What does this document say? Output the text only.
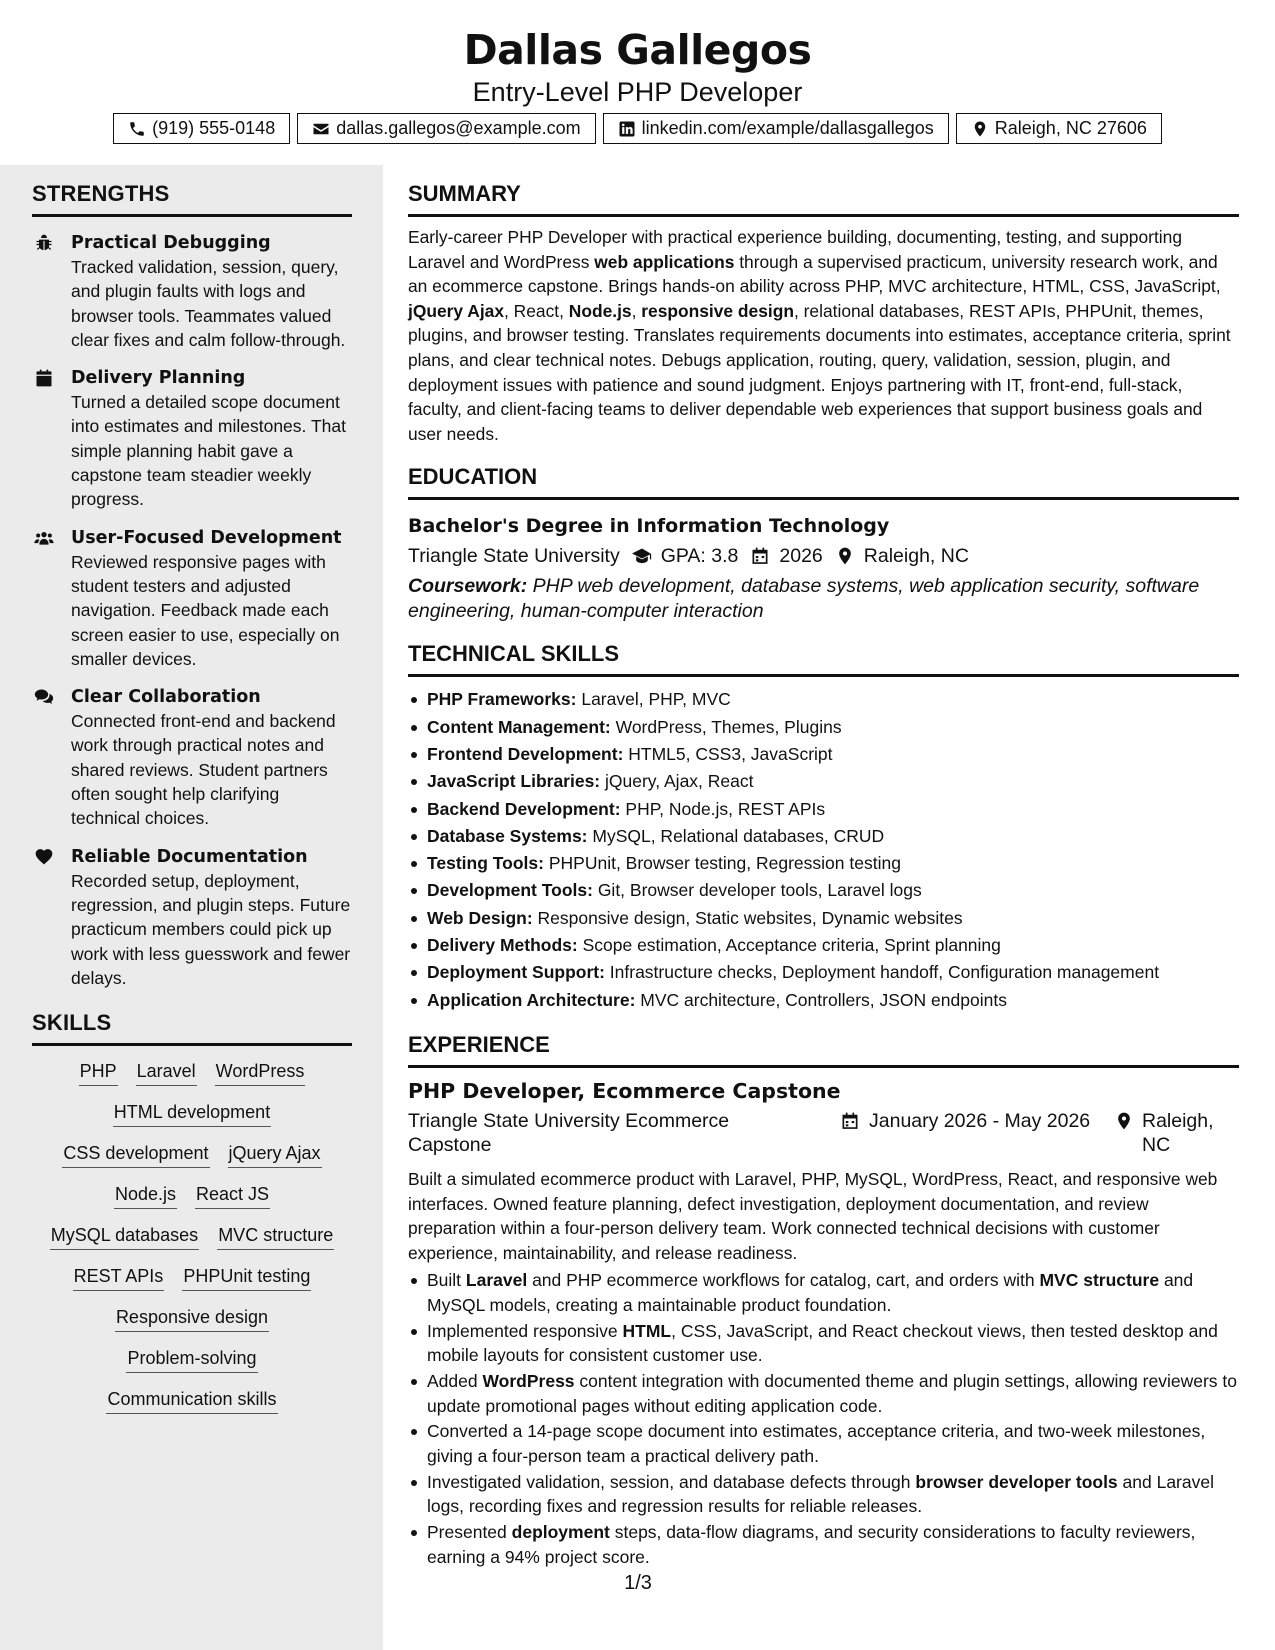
Dallas Gallegos
Entry-Level PHP Developer
(919) 555-0148	dallas.gallegos@example.com	linkedin.com/example/dallasgallegos	Raleigh, NC 27606
STRENGTHS
Practical Debugging
Tracked validation, session, query, and plugin faults with logs and browser tools. Teammates valued clear fixes and calm follow-through.
Delivery Planning
Turned a detailed scope document into estimates and milestones. That simple planning habit gave a capstone team steadier weekly progress.
User-Focused Development
Reviewed responsive pages with student testers and adjusted navigation. Feedback made each screen easier to use, especially on smaller devices.
Clear Collaboration
Connected front-end and backend work through practical notes and shared reviews. Student partners often sought help clarifying technical choices.
Reliable Documentation
Recorded setup, deployment, regression, and plugin steps. Future practicum members could pick up work with less guesswork and fewer delays.
SKILLS
PHP Laravel WordPress
HTML development
CSS development jQuery Ajax
Node.js React JS
MySQL databases MVC structure
REST APIs PHPUnit testing
Responsive design
Problem-solving
Communication skills
SUMMARY
Early-career PHP Developer with practical experience building, documenting, testing, and supporting Laravel and WordPress web applications through a supervised practicum, university research work, and an ecommerce capstone. Brings hands-on ability across PHP, MVC architecture, HTML, CSS, JavaScript, jQuery Ajax, React, Node.js, responsive design, relational databases, REST APIs, PHPUnit, themes, plugins, and browser testing. Translates requirements documents into estimates, acceptance criteria, sprint plans, and clear technical notes. Debugs application, routing, query, validation, session, plugin, and deployment issues with patience and sound judgment. Enjoys partnering with IT, front-end, full-stack, faculty, and client-facing teams to deliver dependable web experiences that support business goals and user needs.
EDUCATION
Bachelor's Degree in Information Technology
Triangle State University GPA: 3.8 2026 Raleigh, NC
Coursework: PHP web development, database systems, web application security, software engineering, human-computer interaction
TECHNICAL SKILLS
PHP Frameworks: Laravel, PHP, MVC
Content Management: WordPress, Themes, Plugins
Frontend Development: HTML5, CSS3, JavaScript
JavaScript Libraries: jQuery, Ajax, React
Backend Development: PHP, Node.js, REST APIs
Database Systems: MySQL, Relational databases, CRUD
Testing Tools: PHPUnit, Browser testing, Regression testing
Development Tools: Git, Browser developer tools, Laravel logs
Web Design: Responsive design, Static websites, Dynamic websites
Delivery Methods: Scope estimation, Acceptance criteria, Sprint planning
Deployment Support: Infrastructure checks, Deployment handoff, Configuration management
Application Architecture: MVC architecture, Controllers, JSON endpoints
EXPERIENCE
PHP Developer, Ecommerce Capstone
Triangle State University Ecommerce Capstone
January 2026 - May 2026	Raleigh, NC
Built a simulated ecommerce product with Laravel, PHP, MySQL, WordPress, React, and responsive web interfaces. Owned feature planning, defect investigation, deployment documentation, and review preparation within a four-person delivery team. Work connected technical decisions with customer experience, maintainability, and release readiness.
Built Laravel and PHP ecommerce workflows for catalog, cart, and orders with MVC structure and MySQL models, creating a maintainable product foundation.
Implemented responsive HTML, CSS, JavaScript, and React checkout views, then tested desktop and mobile layouts for consistent customer use.
Added WordPress content integration with documented theme and plugin settings, allowing reviewers to update promotional pages without editing application code.
Converted a 14-page scope document into estimates, acceptance criteria, and two-week milestones, giving a four-person team a practical delivery path.
Investigated validation, session, and database defects through browser developer tools and Laravel logs, recording fixes and regression results for reliable releases.
Presented deployment steps, data-flow diagrams, and security considerations to faculty reviewers, earning a 94% project score.
1/3
